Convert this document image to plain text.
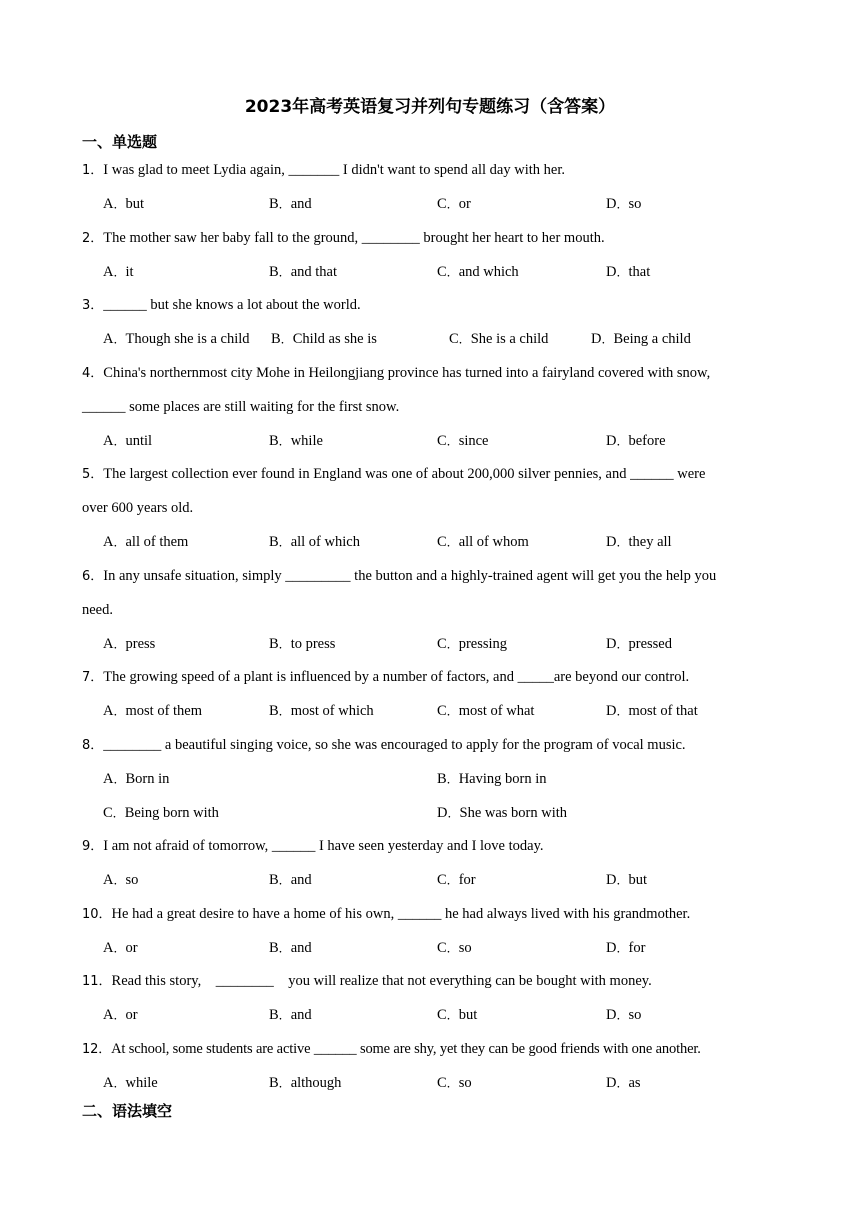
2023年高考英语复习并列句专题练习（含答案）
一、单选题
1．I was glad to meet Lydia again, _______ I didn't want to spend all day with her.
A．but	B．and	C．or	D．so
2．The mother saw her baby fall to the ground, ________ brought her heart to her mouth.
A．it	B．and that	C．and which	D．that
3．______ but she knows a lot about the world.
A．Though she is a child B．Child as she is	C．She is a child	D．Being a child
4．China's northernmost city Mohe in Heilongjiang province has turned into a fairyland covered with snow,
______ some places are still waiting for the first snow.
A．until	B．while	C．since	D．before
5．The largest collection ever found in England was one of about 200,000 silver pennies, and ______ were
over 600 years old.
A．all of them	B．all of which	C．all of whom	D．they all
6．In any unsafe situation, simply _________ the button and a highly-trained agent will get you the help you
need.
A．press	B．to press	C．pressing	D．pressed
7．The growing speed of a plant is influenced by a number of factors, and _____are beyond our control.
A．most of them	B．most of which	C．most of what	D．most of that
8．________ a beautiful singing voice, so she was encouraged to apply for the program of vocal music.
A．Born in	B．Having born in
C．Being born with	D．She was born with
9．I am not afraid of tomorrow, ______ I have seen yesterday and I love today.
A．so	B．and	C．for	D．but
10．He had a great desire to have a home of his own, ______ he had always lived with his grandmother.
A．or	B．and	C．so	D．for
11．Read this story,    ________    you will realize that not everything can be bought with money.
A．or	B．and	C．but	D．so
12．At school, some students are active ______ some are shy, yet they can be good friends with one another.
A．while	B．although	C．so	D．as
二、语法填空
